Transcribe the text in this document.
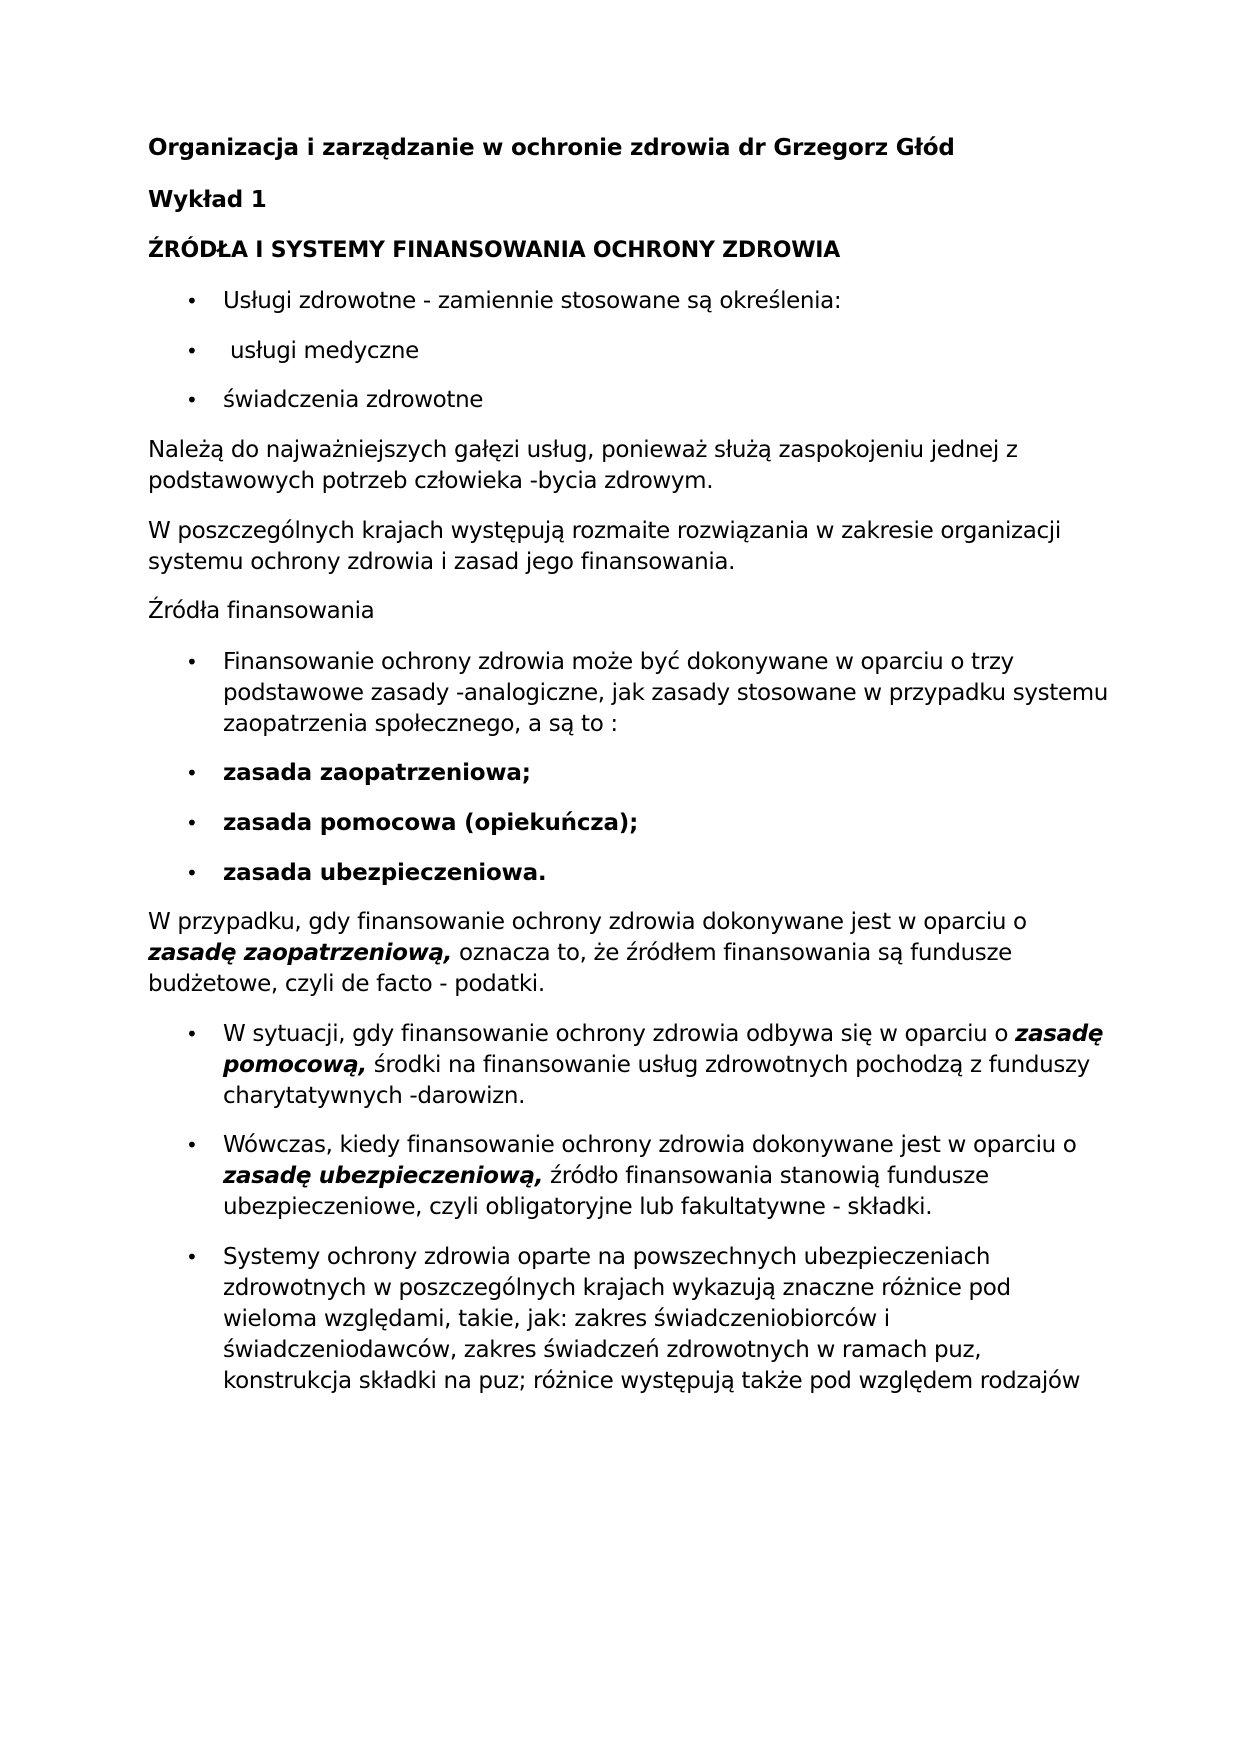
Organizacja i zarządzanie w ochronie zdrowia dr Grzegorz Głód
Wykład 1
ŹRÓDŁA I SYSTEMY FINANSOWANIA OCHRONY ZDROWIA
• Usługi zdrowotne - zamiennie stosowane są określenia:
• usługi medyczne
• świadczenia zdrowotne
Należą do najważniejszych gałęzi usług, ponieważ służą zaspokojeniu jednej z
podstawowych potrzeb człowieka -bycia zdrowym.
W poszczególnych krajach występują rozmaite rozwiązania w zakresie organizacji
systemu ochrony zdrowia i zasad jego finansowania.
Źródła finansowania
• Finansowanie ochrony zdrowia może być dokonywane w oparciu o trzy
podstawowe zasady -analogiczne, jak zasady stosowane w przypadku systemu
zaopatrzenia społecznego, a są to :
• zasada zaopatrzeniowa;
• zasada pomocowa (opiekuńcza);
• zasada ubezpieczeniowa.
W przypadku, gdy finansowanie ochrony zdrowia dokonywane jest w oparciu o
zasadę zaopatrzeniową, oznacza to, że źródłem finansowania są fundusze
budżetowe, czyli de facto - podatki.
• W sytuacji, gdy finansowanie ochrony zdrowia odbywa się w oparciu o zasadę
pomocową, środki na finansowanie usług zdrowotnych pochodzą z funduszy
charytatywnych -darowizn.
• Wówczas, kiedy finansowanie ochrony zdrowia dokonywane jest w oparciu o
zasadę ubezpieczeniową, źródło finansowania stanowią fundusze
ubezpieczeniowe, czyli obligatoryjne lub fakultatywne - składki.
• Systemy ochrony zdrowia oparte na powszechnych ubezpieczeniach
zdrowotnych w poszczególnych krajach wykazują znaczne różnice pod
wieloma względami, takie, jak: zakres świadczeniobiorców i
świadczeniodawców, zakres świadczeń zdrowotnych w ramach puz,
konstrukcja składki na puz; różnice występują także pod względem rodzajów
